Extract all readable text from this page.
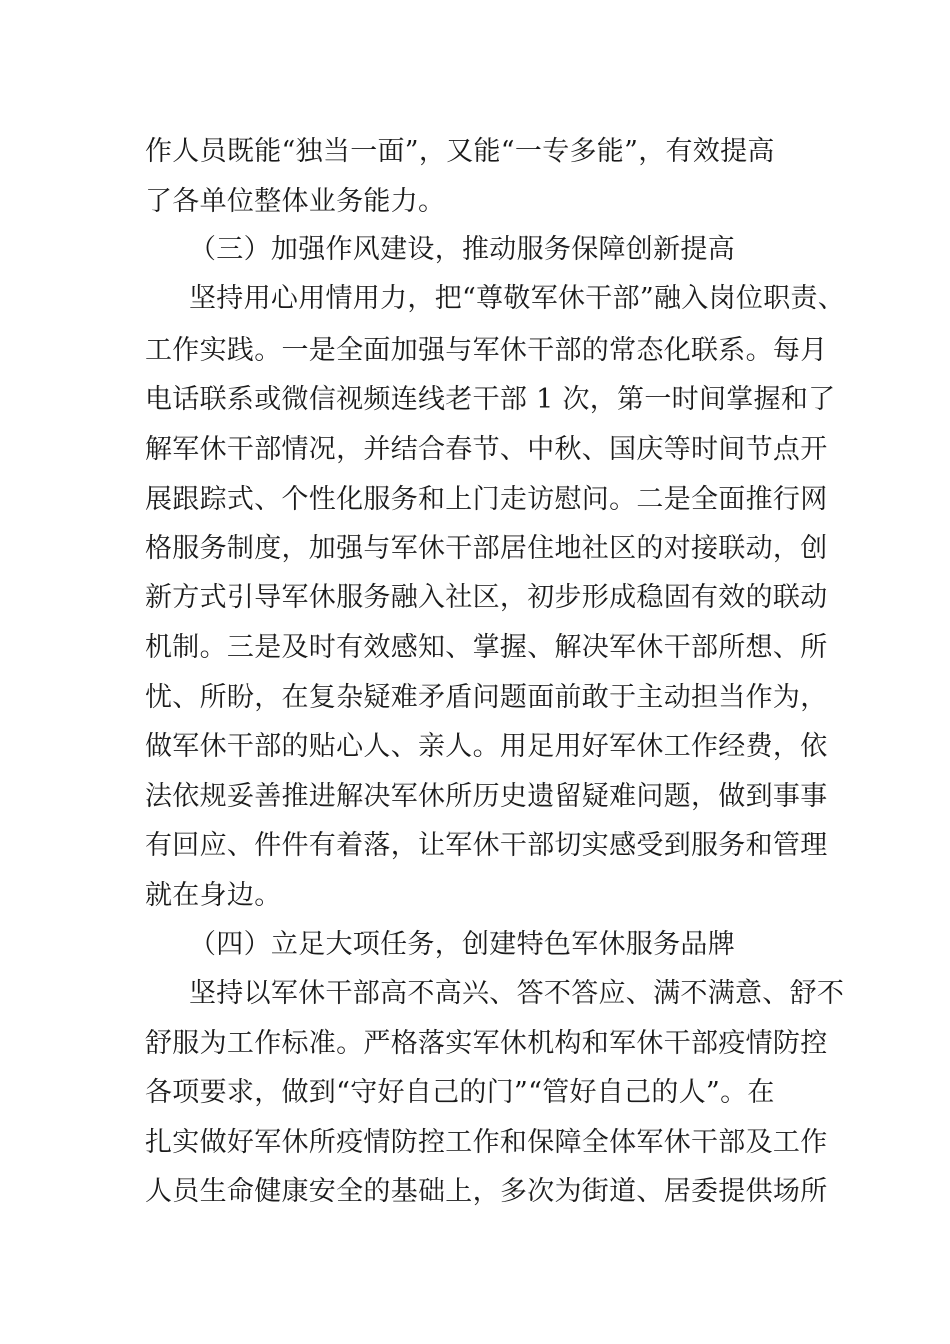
作人员既能“独当一面”，又能“一专多能”，有效提高
了各单位整体业务能力。
（三）加强作风建设，推动服务保障创新提高
坚持用心用情用力，把“尊敬军休干部”融入岗位职责、
工作实践。一是全面加强与军休干部的常态化联系。每月
电话联系或微信视频连线老干部 1 次，第一时间掌握和了
解军休干部情况，并结合春节、中秋、国庆等时间节点开
展跟踪式、个性化服务和上门走访慰问。二是全面推行网
格服务制度，加强与军休干部居住地社区的对接联动，创
新方式引导军休服务融入社区，初步形成稳固有效的联动
机制。三是及时有效感知、掌握、解决军休干部所想、所
忧、所盼，在复杂疑难矛盾问题面前敢于主动担当作为，
做军休干部的贴心人、亲人。用足用好军休工作经费，依
法依规妥善推进解决军休所历史遗留疑难问题，做到事事
有回应、件件有着落，让军休干部切实感受到服务和管理
就在身边。
（四）立足大项任务，创建特色军休服务品牌
坚持以军休干部高不高兴、答不答应、满不满意、舒不
舒服为工作标准。严格落实军休机构和军休干部疫情防控
各项要求，做到“守好自己的门”“管好自己的人”。在
扎实做好军休所疫情防控工作和保障全体军休干部及工作
人员生命健康安全的基础上，多次为街道、居委提供场所
